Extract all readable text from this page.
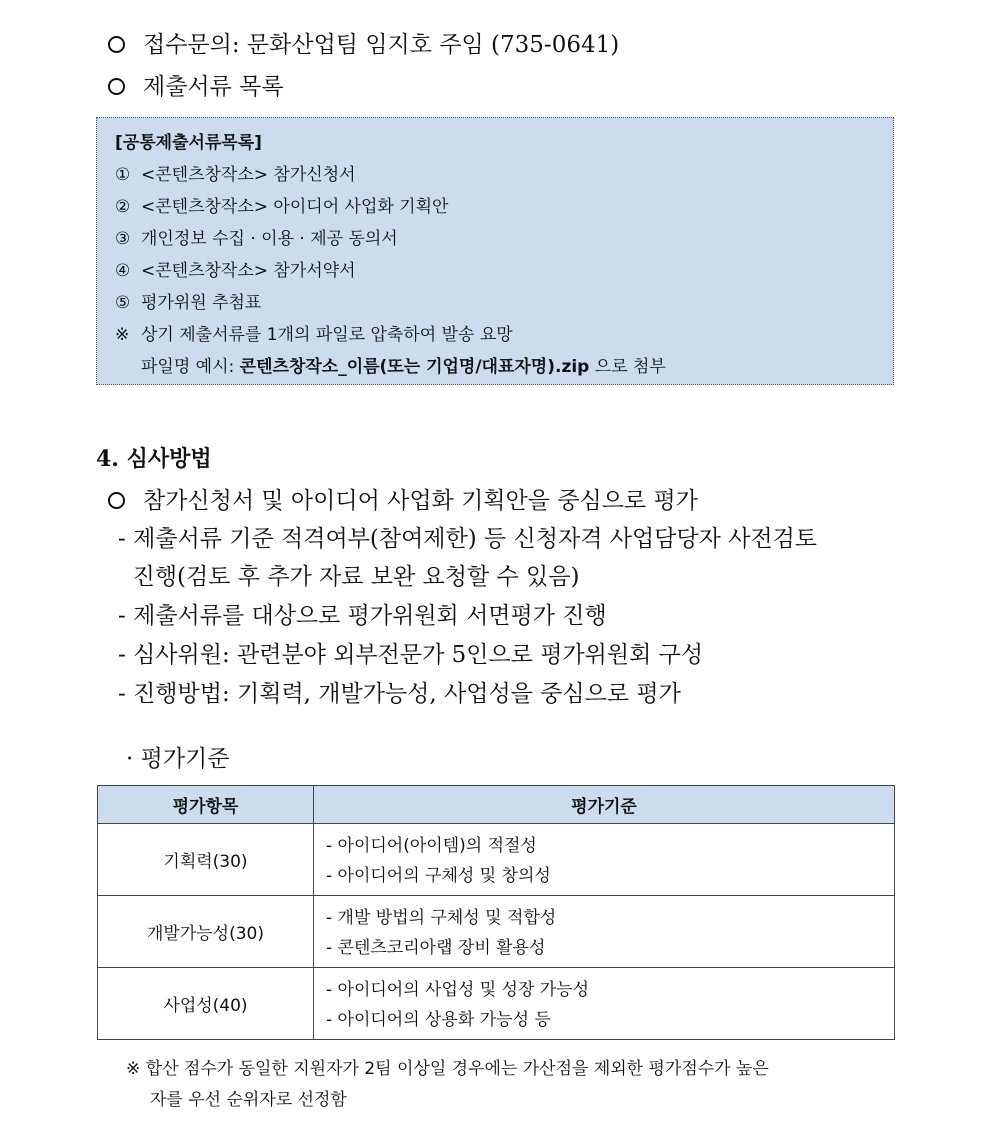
접수문의: 문화산업팀 임지호 주임 (735-0641)
제출서류 목록
[공통제출서류목록]
① <콘텐츠창작소> 참가신청서
② <콘텐츠창작소> 아이디어 사업화 기획안
③ 개인정보 수집 · 이용 · 제공 동의서
④ <콘텐츠창작소> 참가서약서
⑤ 평가위원 추첨표
※ 상기 제출서류를 1개의 파일로 압축하여 발송 요망
파일명 예시: 콘텐츠창작소_이름(또는 기업명/대표자명).zip 으로 첨부
4. 심사방법
참가신청서 및 아이디어 사업화 기획안을 중심으로 평가
- 제출서류 기준 적격여부(참여제한) 등 신청자격 사업담당자 사전검토
진행(검토 후 추가 자료 보완 요청할 수 있음)
- 제출서류를 대상으로 평가위원회 서면평가 진행
- 심사위원: 관련분야 외부전문가 5인으로 평가위원회 구성
- 진행방법: 기획력, 개발가능성, 사업성을 중심으로 평가
· 평가기준
평가항목	평가기준
기획력(30)	- 아이디어(아이템)의 적절성
- 아이디어의 구체성 및 창의성

개발가능성(30)	- 개발 방법의 구체성 및 적합성
- 콘텐츠코리아랩 장비 활용성

사업성(40)	- 아이디어의 사업성 및 성장 가능성
- 아이디어의 상용화 가능성 등
※ 합산 점수가 동일한 지원자가 2팀 이상일 경우에는 가산점을 제외한 평가점수가 높은
자를 우선 순위자로 선정함
